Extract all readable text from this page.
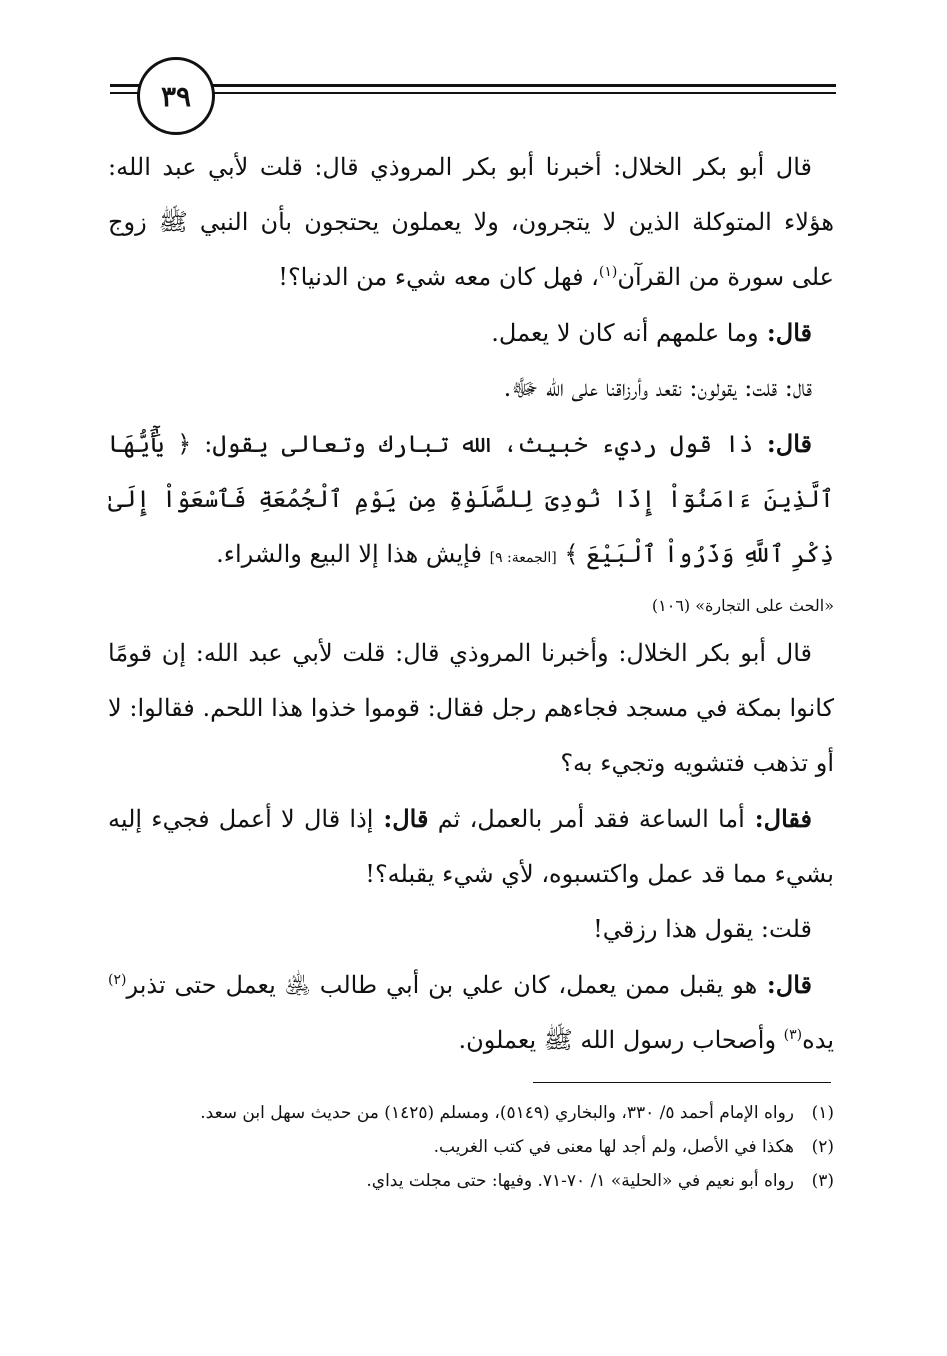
٣٩

قال أبو بكر الخلال: أخبرنا أبو بكر المروذي قال: قلت لأبي عبد الله: هؤلاء المتوكلة الذين لا يتجرون، ولا يعملون يحتجون بأن النبي ﷺ زوج على سورة من القرآن$^{(١)}$، فهل كان معه شيء من الدنيا؟!

قال: وما علمهم أنه كان لا يعمل.

قال: قلت: يقولون: نقعد وأرزاقنا على الله ﷻ.

قال: ذا قول رديء خبيث، الله تبارك وتعالى يقول: ﴿ يَٰٓأَيُّهَا ٱلَّذِينَ ءَامَنُوٓاْ إِذَا نُودِىَ لِلصَّلَوٰةِ مِن يَوْمِ ٱلْجُمُعَةِ فَٱسْعَوْاْ إِلَىٰ ذِكْرِ ٱللَّهِ وَذَرُواْ ٱلْبَيْعَ ﴾ [الجمعة: ٩] فإيش هذا إلا البيع والشراء.

«الحث على التجارة» (١٠٦)

قال أبو بكر الخلال: وأخبرنا المروذي قال: قلت لأبي عبد الله: إن قومًا كانوا بمكة في مسجد فجاءهم رجل فقال: قوموا خذوا هذا اللحم. فقالوا: لا أو تذهب فتشويه وتجيء به؟

فقال: أما الساعة فقد أمر بالعمل، ثم قال: إذا قال لا أعمل فجيء إليه بشيء مما قد عمل واكتسبوه، لأي شيء يقبله؟!

قلت: يقول هذا رزقي!

قال: هو يقبل ممن يعمل، كان علي بن أبي طالب ﵁ يعمل حتى تذبر$^{(٢)}$ يده$^{(٣)}$ وأصحاب رسول الله ﷺ يعملون.

(١)
رواه الإمام أحمد ٥/ ٣٣٠، والبخاري (٥١٤٩)، ومسلم (١٤٢٥) من حديث سهل ابن سعد.
(٢)
هكذا في الأصل، ولم أجد لها معنى في كتب الغريب.
(٣)
رواه أبو نعيم في «الحلية» ١/ ٧٠-٧١. وفيها: حتى مجلت يداي.
